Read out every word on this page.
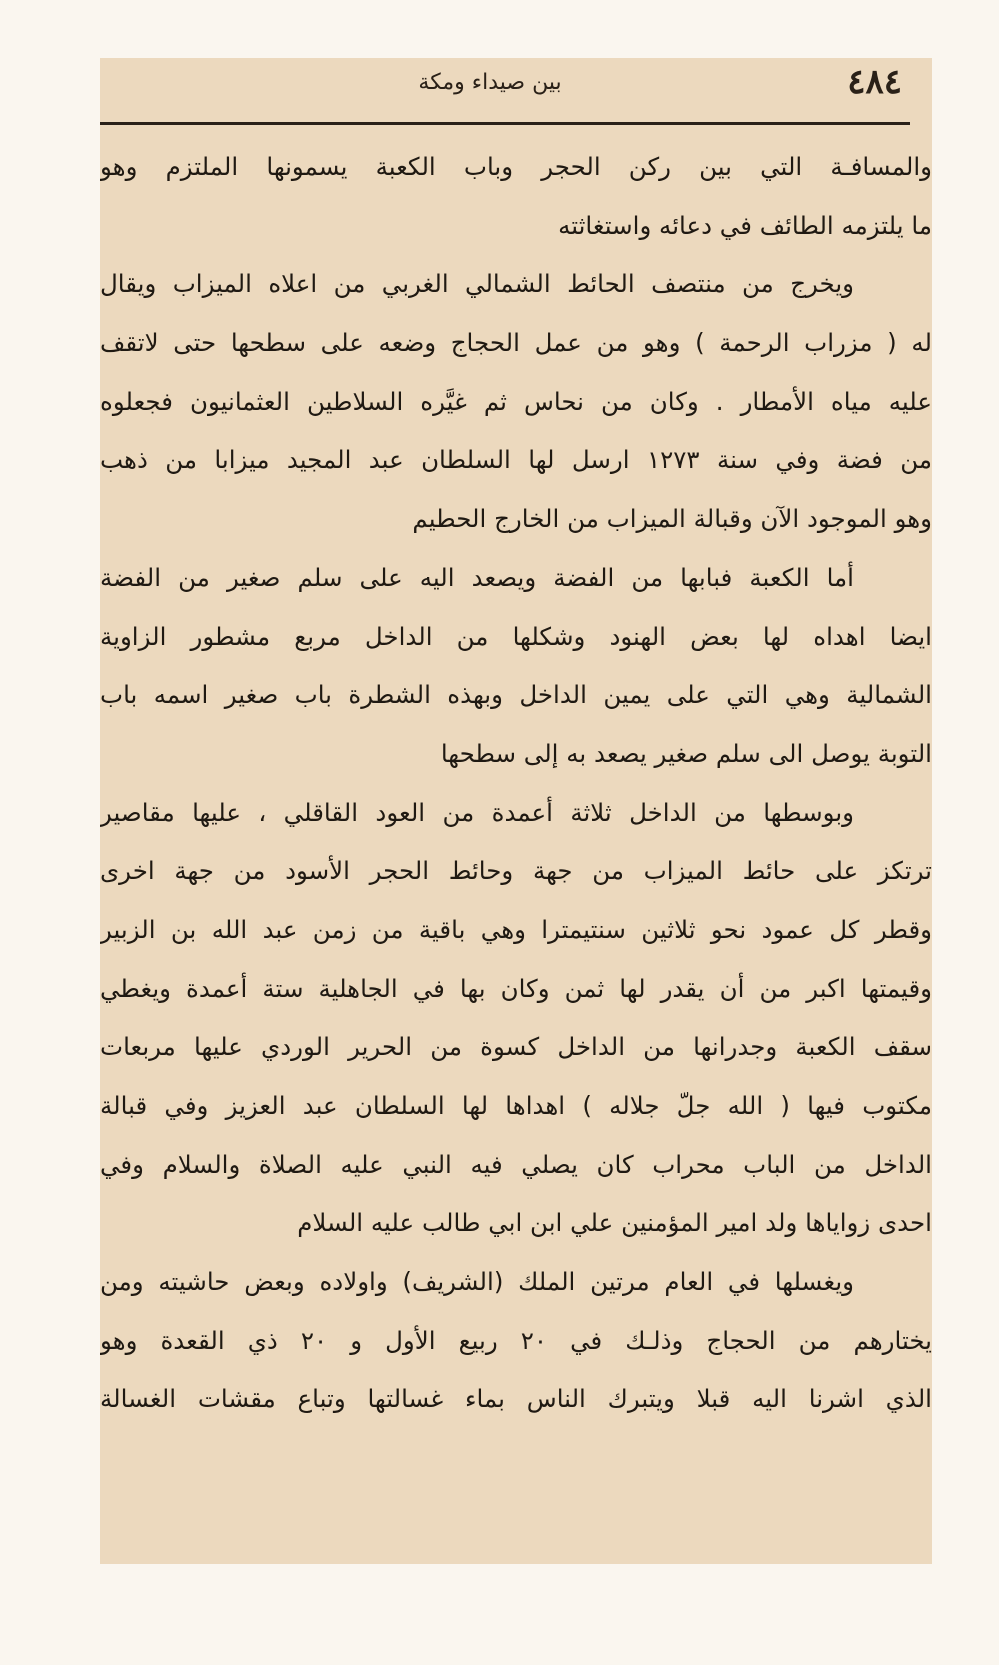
٤٨٤
بين صيداء ومكة
والمسافـة التي بين ركن الحجر وباب الكعبة يسمونها الملتزم وهو
ما يلتزمه الطائف في دعائه واستغاثته
ويخرج من منتصف الحائط الشمالي الغربي من اعلاه الميزاب ويقال
له ( مزراب الرحمة ) وهو من عمل الحجاج وضعه على سطحها حتى لاتقف
عليه مياه الأمطار . وكان من نحاس ثم غيَّره السلاطين العثمانيون فجعلوه
من فضة وفي سنة ١٢٧٣ ارسل لها السلطان عبد المجيد ميزابا من ذهب
وهو الموجود الآن وقبالة الميزاب من الخارج الحطيم
أما الكعبة فبابها من الفضة ويصعد اليه على سلم صغير من الفضة
ايضا اهداه لها بعض الهنود وشكلها من الداخل مربع مشطور الزاوية
الشمالية وهي التي على يمين الداخل وبهذه الشطرة باب صغير اسمه باب
التوبة يوصل الى سلم صغير يصعد به إلى سطحها
وبوسطها من الداخل ثلاثة أعمدة من العود القاقلي ، عليها مقاصير
ترتكز على حائط الميزاب من جهة وحائط الحجر الأسود من جهة اخرى
وقطر كل عمود نحو ثلاثين سنتيمترا وهي باقية من زمن عبد الله بن الزبير
وقيمتها اكبر من أن يقدر لها ثمن وكان بها في الجاهلية ستة أعمدة ويغطي
سقف الكعبة وجدرانها من الداخل كسوة من الحرير الوردي عليها مربعات
مكتوب فيها ( الله جلّ جلاله ) اهداها لها السلطان عبد العزيز وفي قبالة
الداخل من الباب محراب كان يصلي فيه النبي عليه الصلاة والسلام وفي
احدى زواياها ولد امير المؤمنين علي ابن ابي طالب عليه السلام
ويغسلها في العام مرتين الملك (الشريف) واولاده وبعض حاشيته ومن
يختارهم من الحجاج وذلـك في ٢٠ ربيع الأول و ٢٠ ذي القعدة وهو
الذي اشرنا اليه قبلا ويتبرك الناس بماء غسالتها وتباع مقشات الغسالة
